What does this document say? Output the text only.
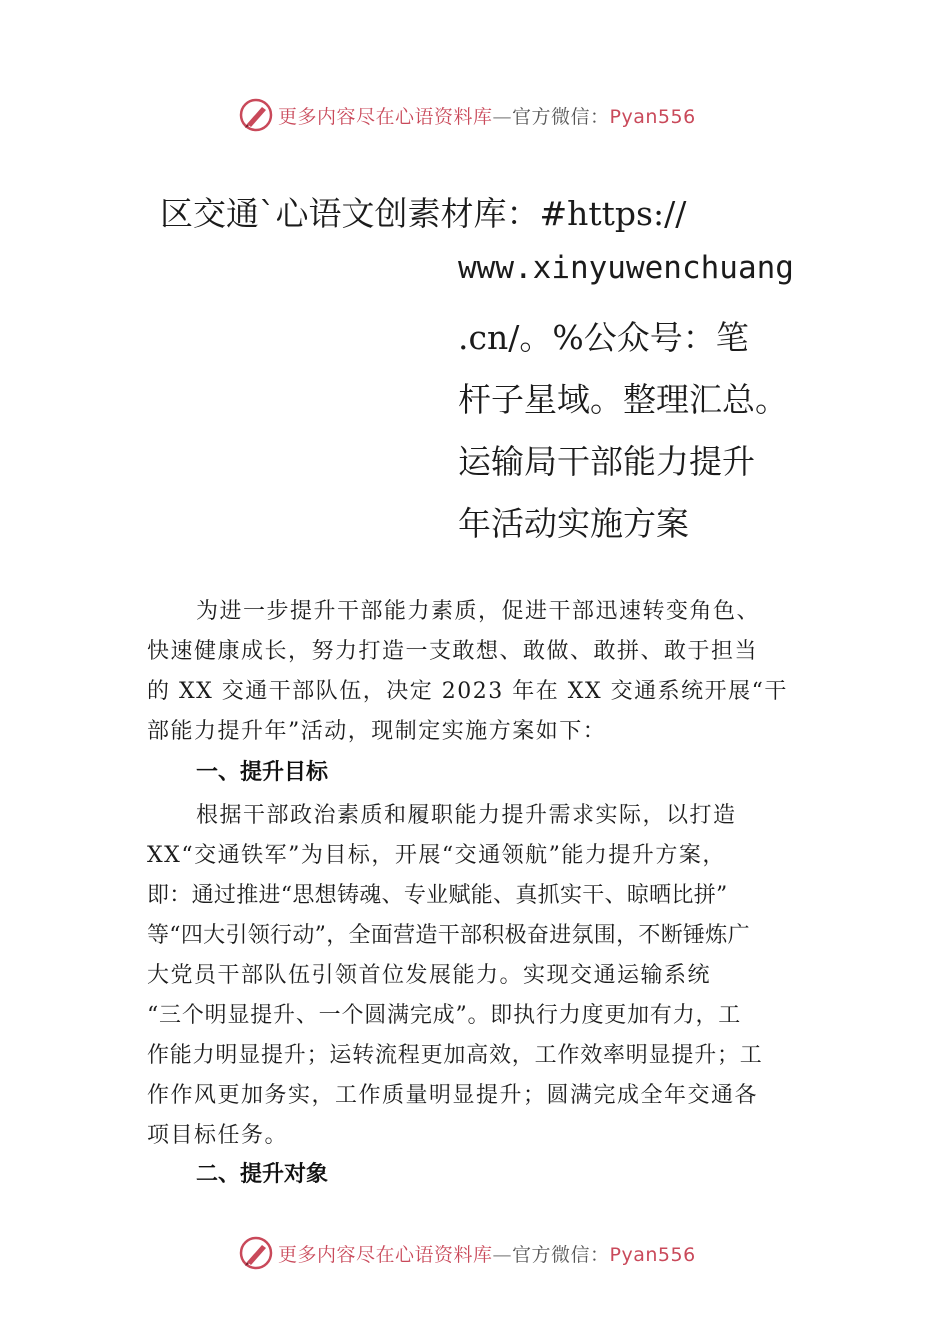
更多内容尽在心语资料库—官方微信：Pyan556
区交通`心语文创素材库：#https://
www.xinyuwenchuang
.cn/。%公众号：笔
杆子星域。整理汇总。
运输局干部能力提升
年活动实施方案
为进一步提升干部能力素质，促进干部迅速转变角色、
快速健康成长，努力打造一支敢想、敢做、敢拼、敢于担当
的 XX 交通干部队伍，决定 2023 年在 XX 交通系统开展“干
部能力提升年”活动，现制定实施方案如下：
一、提升目标
根据干部政治素质和履职能力提升需求实际，以打造
XX“交通铁军”为目标，开展“交通领航”能力提升方案，
即：通过推进“思想铸魂、专业赋能、真抓实干、晾晒比拼”
等“四大引领行动”，全面营造干部积极奋进氛围，不断锤炼广
大党员干部队伍引领首位发展能力。实现交通运输系统
“三个明显提升、一个圆满完成”。即执行力度更加有力，工
作能力明显提升；运转流程更加高效，工作效率明显提升；工
作作风更加务实，工作质量明显提升；圆满完成全年交通各
项目标任务。
二、提升对象
更多内容尽在心语资料库—官方微信：Pyan556
